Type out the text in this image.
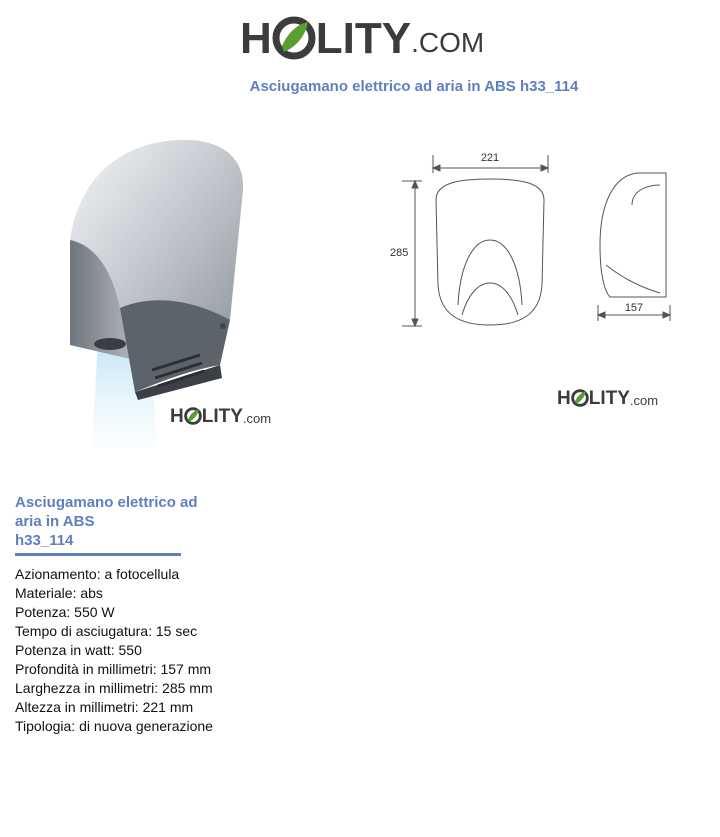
H LITY.COM
Asciugamano elettrico ad aria in ABS h33_114
H $LITY^{.com}$
221
285
157
H $LITY^{.com}$
Asciugamano elettrico ad
aria in ABS
h33_114
Azionamento: a fotocellula
Materiale: abs
Potenza: 550 W
Tempo di asciugatura: 15 sec
Potenza in watt: 550
Profondità in millimetri: 157 mm
Larghezza in millimetri: 285 mm
Altezza in millimetri: 221 mm
Tipologia: di nuova generazione
